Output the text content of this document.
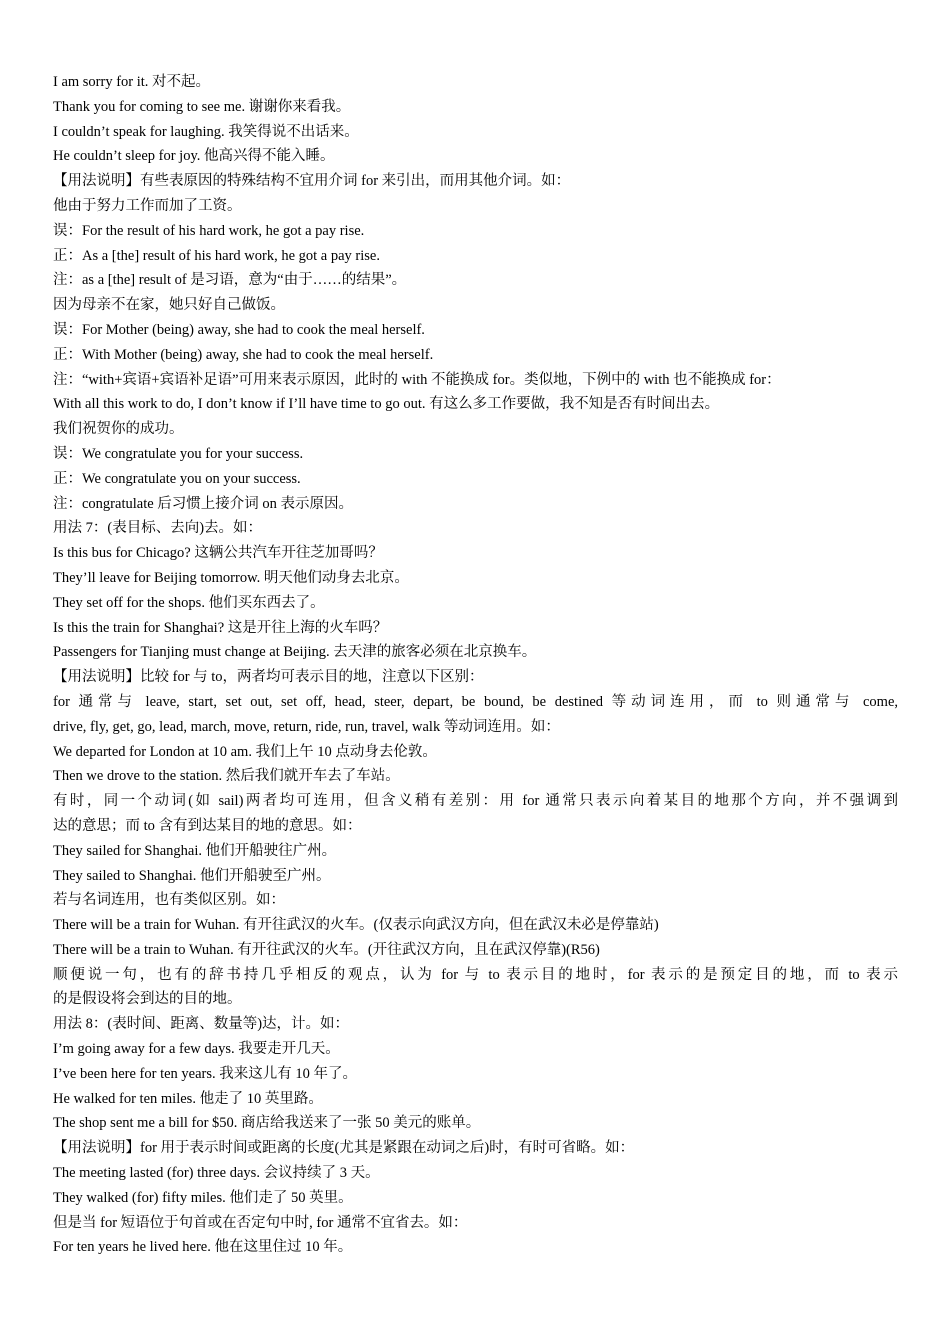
I am sorry for it. 对不起。
Thank you for coming to see me. 谢谢你来看我。
I couldn’t speak for laughing. 我笑得说不出话来。
He couldn’t sleep for joy. 他高兴得不能入睡。
【用法说明】有些表原因的特殊结构不宜用介词 for 来引出，而用其他介词。如：
他由于努力工作而加了工资。
误：For the result of his hard work, he got a pay rise.
正：As a [the] result of his hard work, he got a pay rise.
注：as a [the] result of 是习语，意为“由于……的结果”。
因为母亲不在家，她只好自己做饭。
误：For Mother (being) away, she had to cook the meal herself.
正：With Mother (being) away, she had to cook the meal herself.
注：“with+宾语+宾语补足语”可用来表示原因，此时的 with 不能换成 for。类似地，下例中的 with 也不能换成 for：
With all this work to do, I don’t know if I’ll have time to go out. 有这么多工作要做，我不知是否有时间出去。
我们祝贺你的成功。
误：We congratulate you for your success.
正：We congratulate you on your success.
注：congratulate 后习惯上接介词 on 表示原因。
用法 7：(表目标、去向)去。如：
Is this bus for Chicago? 这辆公共汽车开往芝加哥吗？
They’ll leave for Beijing tomorrow. 明天他们动身去北京。
They set off for the shops. 他们买东西去了。
Is this the train for Shanghai? 这是开往上海的火车吗？
Passengers for Tianjing must change at Beijing. 去天津的旅客必须在北京换车。
【用法说明】比较 for 与 to，两者均可表示目的地，注意以下区别：
for 通常与 leave, start, set out, set off, head, steer, depart, be bound, be destined 等动词连用，而 to 则通常与 come,
drive, fly, get, go, lead, march, move, return, ride, run, travel, walk 等动词连用。如：
We departed for London at 10 am. 我们上午 10 点动身去伦敦。
Then we drove to the station. 然后我们就开车去了车站。
有时，同一个动词(如 sail)两者均可连用，但含义稍有差别：用 for 通常只表示向着某目的地那个方向，并不强调到
达的意思；而 to 含有到达某目的地的意思。如：
They sailed for Shanghai. 他们开船驶往广州。
They sailed to Shanghai. 他们开船驶至广州。
若与名词连用，也有类似区别。如：
There will be a train for Wuhan. 有开往武汉的火车。(仅表示向武汉方向，但在武汉未必是停靠站)
There will be a train to Wuhan. 有开往武汉的火车。(开往武汉方向，且在武汉停靠)(R56)
顺便说一句，也有的辞书持几乎相反的观点，认为 for 与 to 表示目的地时，for 表示的是预定目的地，而 to 表示
的是假设将会到达的目的地。
用法 8：(表时间、距离、数量等)达，计。如：
I’m going away for a few days. 我要走开几天。
I’ve been here for ten years. 我来这儿有 10 年了。
He walked for ten miles. 他走了 10 英里路。
The shop sent me a bill for $50. 商店给我送来了一张 50 美元的账单。
【用法说明】for 用于表示时间或距离的长度(尤其是紧跟在动词之后)时，有时可省略。如：
The meeting lasted (for) three days. 会议持续了 3 天。
They walked (for) fifty miles. 他们走了 50 英里。
但是当 for 短语位于句首或在否定句中时, for 通常不宜省去。如：
For ten years he lived here. 他在这里住过 10 年。
